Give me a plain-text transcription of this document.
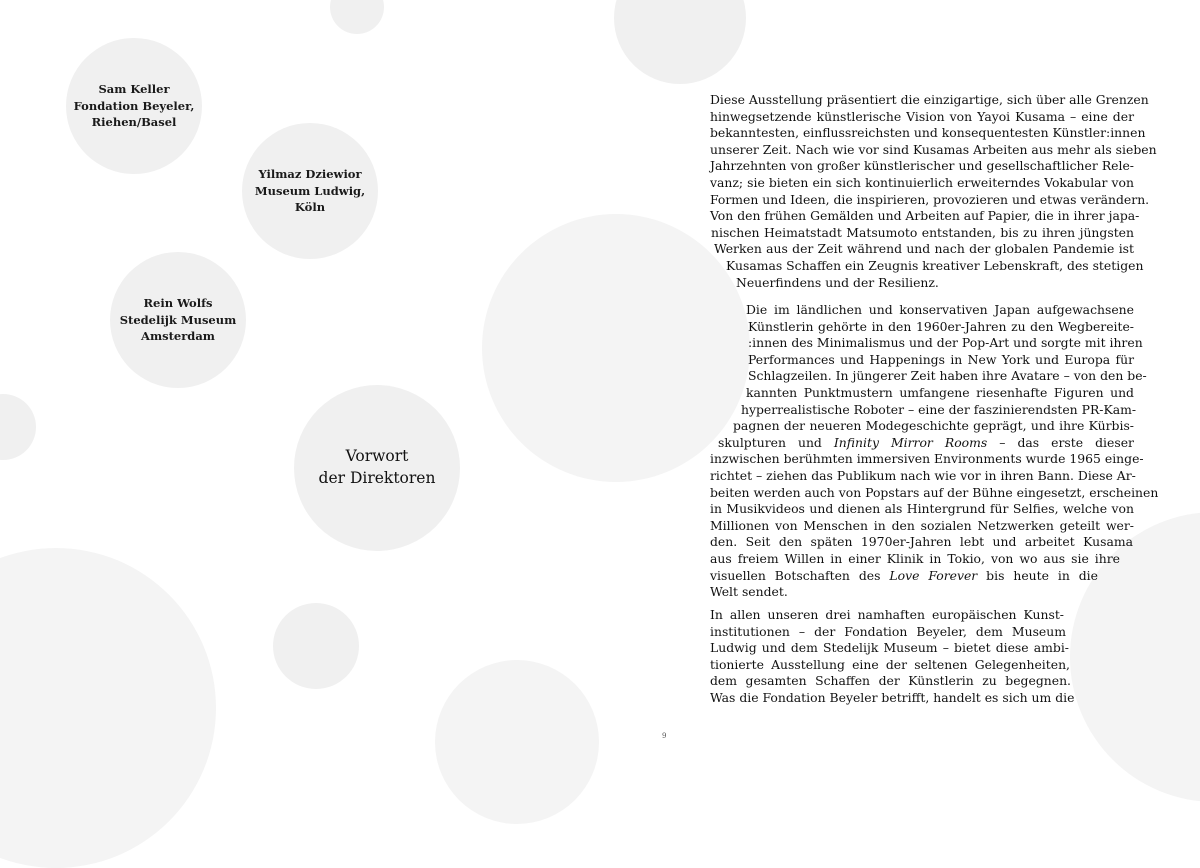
Sam Keller
Fondation Beyeler,
Riehen/Basel
Yilmaz Dziewior
Museum Ludwig,
Köln
Rein Wolfs
Stedelijk Museum
Amsterdam
Vorwort
der Direktoren
Diese Ausstellung präsentiert die einzigartige, sich über alle Grenzen
hinwegsetzende künstlerische Vision von Yayoi Kusama – eine der
bekanntesten, einflussreichsten und konsequentesten Künstler:innen
unserer Zeit. Nach wie vor sind Kusamas Arbeiten aus mehr als sieben
Jahrzehnten von großer künstlerischer und gesellschaftlicher Rele-
vanz; sie bieten ein sich kontinuierlich erweiterndes Vokabular von
Formen und Ideen, die inspirieren, provozieren und etwas verändern.
Von den frühen Gemälden und Arbeiten auf Papier, die in ihrer japa-
nischen Heimatstadt Matsumoto entstanden, bis zu ihren jüngsten
Werken aus der Zeit während und nach der globalen Pandemie ist
Kusamas Schaffen ein Zeugnis kreativer Lebenskraft, des stetigen
Neuerfindens und der Resilienz.
Die im ländlichen und konservativen Japan aufgewachsene
Künstlerin gehörte in den 1960er-Jahren zu den Wegbereite-
:innen des Minimalismus und der Pop-Art und sorgte mit ihren
Performances und Happenings in New York und Europa für
Schlagzeilen. In jüngerer Zeit haben ihre Avatare – von den be-
kannten Punktmustern umfangene riesenhafte Figuren und
hyperrealistische Roboter – eine der faszinierendsten PR-Kam-
pagnen der neueren Modegeschichte geprägt, und ihre Kürbis-
skulpturen und Infinity Mirror Rooms – das erste dieser
inzwischen berühmten immersiven Environments wurde 1965 einge-
richtet – ziehen das Publikum nach wie vor in ihren Bann. Diese Ar-
beiten werden auch von Popstars auf der Bühne eingesetzt, erscheinen
in Musikvideos und dienen als Hintergrund für Selfies, welche von
Millionen von Menschen in den sozialen Netzwerken geteilt wer-
den. Seit den späten 1970er-Jahren lebt und arbeitet Kusama
aus freiem Willen in einer Klinik in Tokio, von wo aus sie ihre
visuellen Botschaften des Love Forever bis heute in die
Welt sendet.
In allen unseren drei namhaften europäischen Kunst-
institutionen – der Fondation Beyeler, dem Museum
Ludwig und dem Stedelijk Museum – bietet diese ambi-
tionierte Ausstellung eine der seltenen Gelegenheiten,
dem gesamten Schaffen der Künstlerin zu begegnen.
Was die Fondation Beyeler betrifft, handelt es sich um die
9
